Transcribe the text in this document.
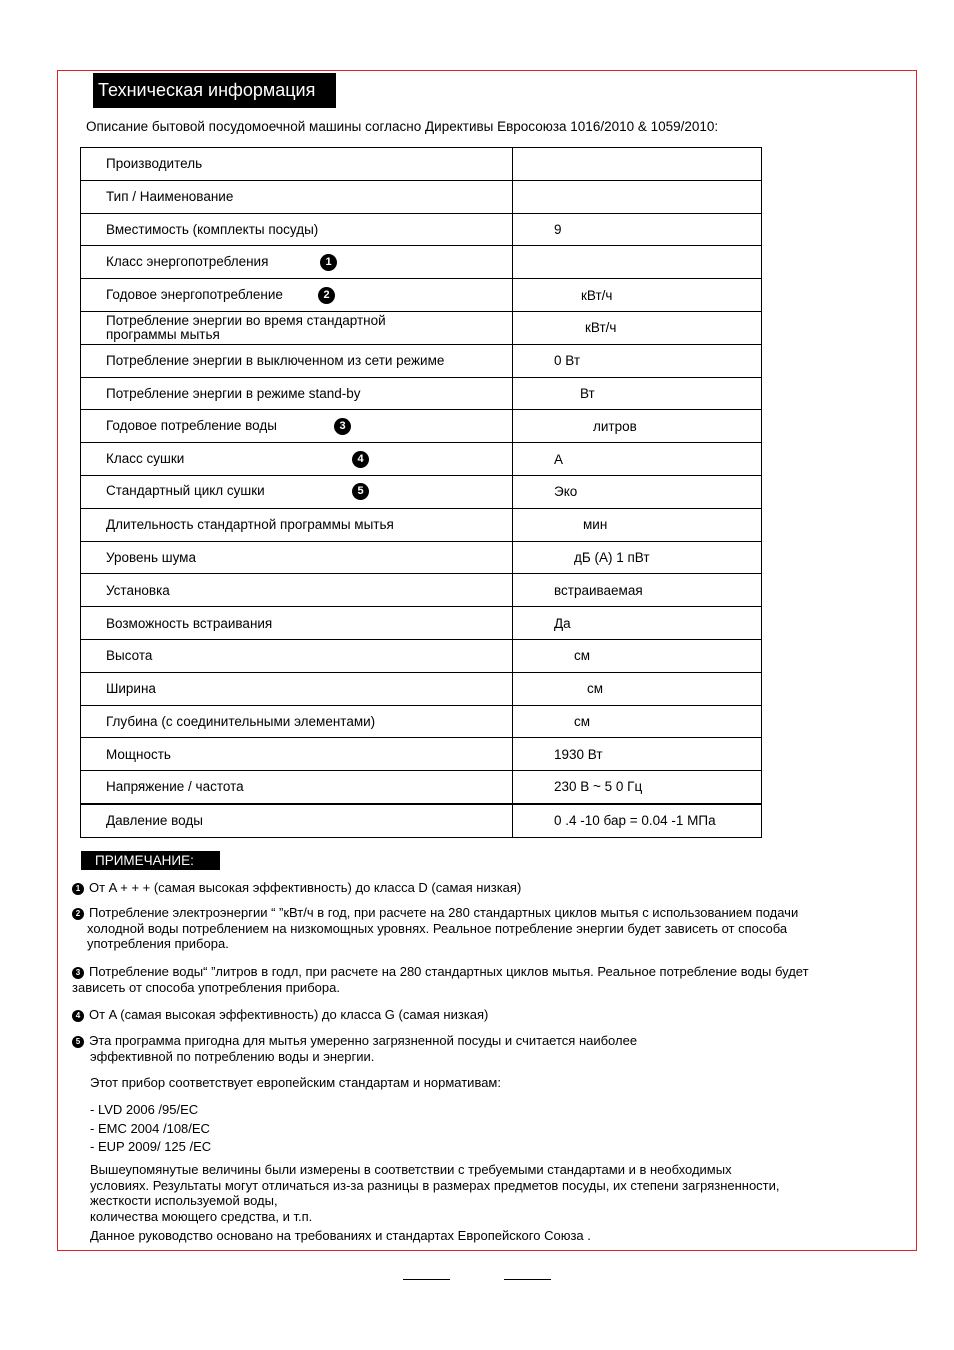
Техническая информация
Описание бытовой посудомоечной машины согласно Директивы Евросоюза 1016/2010 & 1059/2010:
Производитель	
Тип / Наименование	
Вместимость (комплекты посуды)	9
Класс энергопотребления 1	
Годовое энергопотребление 2	кВт/ч
Потребление энергии во время стандартной программы мытья	кВт/ч
Потребление энергии в выключенном из сети режиме	0 Вт
Потребление энергии в режиме stand-by	Вт
Годовое потребление воды 3	литров
Класс сушки 4	A
Стандартный цикл сушки 5	Эко
Длительность стандартной программы мытья	мин
Уровень шума	дБ (A) 1 пВт
Установка	встраиваемая
Возможность встраивания	Да
Высота	см
Ширина	см
Глубина (с соединительными элементами)	см
Мощность	1930 Вт
Напряжение / частота	230 В ~ 5 0 Гц
Давление воды	0 .4 -10 бар = 0.04 -1 МПа
ПРИМЕЧАНИЕ:
1 От A + + + (самая высокая эффективность) до класса D (самая низкая)
2 Потребление электроэнергии “ ”кВт/ч в год, при расчете на 280 стандартных циклов мытья с использованием подачи
холодной воды потреблением на низкомощных уровнях. Реальное потребление энергии будет зависеть от способа
употребления прибора.
3 Потребление воды“ ”литров в годл, при расчете на 280 стандартных циклов мытья. Реальное потребление воды будет
зависеть от способа употребления прибора.
4 От A (самая высокая эффективность) до класса G (самая низкая)
5 Эта программа пригодна для мытья умеренно загрязненной посуды и считается наиболее
эффективной по потреблению воды и энергии.
Этот прибор соответствует европейским стандартам и нормативам:
- LVD 2006 /95/EC
- EMC 2004 /108/EC
- EUP 2009/ 125 /EC
Вышеупомянутые величины были измерены в соответствии с требуемыми стандартами и в необходимых
условиях. Результаты могут отличаться из-за разницы в размерах предметов посуды, их степени загрязненности,
жесткости используемой воды,
количества моющего средства, и т.п.
Данное руководство основано на требованиях и стандартах Европейского Союза .
